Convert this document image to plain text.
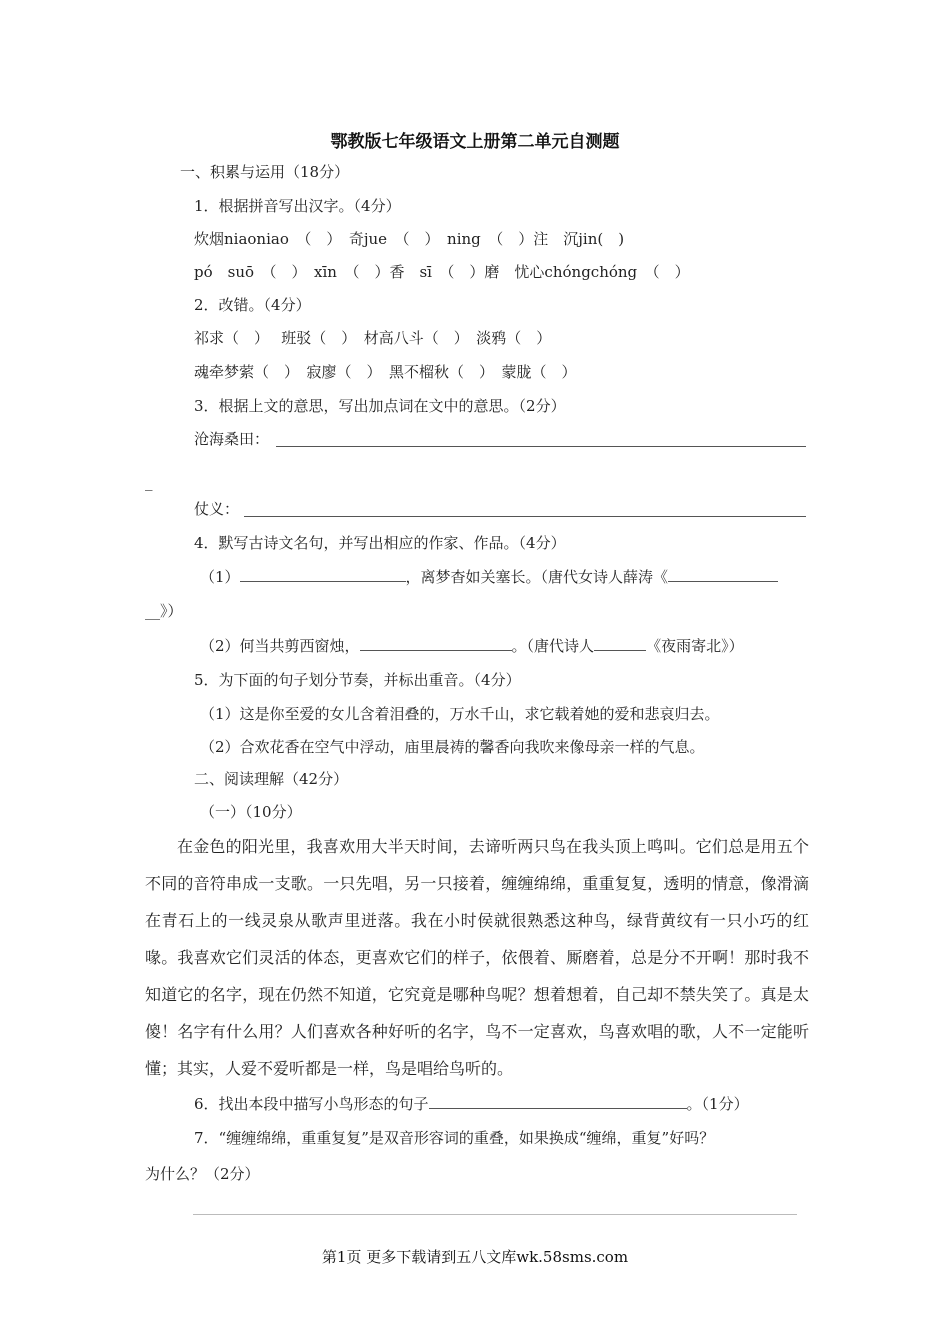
鄂教版七年级语文上册第二单元自测题
一、积累与运用（18分）
1．根据拼音写出汉字。（4分）
炊烟niaoniao　（　）　奇jue　（　）　ning　（　）注　沉jin(　)
pó　suō　（　）　xīn　（　）香　sī　（　）磨　忧心chóngchóng　（　）
2．改错。（4分）
祁求（　）　 班驳（　）　材高八斗（　）　淡鸦（　）
魂牵梦萦（　）　寂廖（　）　黑不榴秋（　）　蒙胧（　）
3．根据上文的意思，写出加点词在文中的意思。（2分）
沧海桑田：
_
仗义：
4．默写古诗文名句，并写出相应的作家、作品。（4分）
（1）	，离梦杳如关塞长。（唐代女诗人薛涛《
__》）
（2）何当共剪西窗烛，	。（唐代诗人	《夜雨寄北》）
5．为下面的句子划分节奏，并标出重音。（4分）
（1）这是你至爱的女儿含着泪叠的，万水千山，求它载着她的爱和悲哀归去。
（2）合欢花香在空气中浮动，庙里晨祷的馨香向我吹来像母亲一样的气息。
二、阅读理解（42分）
（一）（10分）
在金色的阳光里，我喜欢用大半天时间，去谛听两只鸟在我头顶上鸣叫。它们总是用五个不同的音符串成一支歌。一只先唱，另一只接着，缠缠绵绵，重重复复，透明的情意，像滑滴在青石上的一线灵泉从歌声里迸落。我在小时侯就很熟悉这种鸟，绿背黄纹有一只小巧的红喙。我喜欢它们灵活的体态，更喜欢它们的样子，依偎着、厮磨着，总是分不开啊！那时我不知道它的名字，现在仍然不知道，它究竟是哪种鸟呢？想着想着，自己却不禁失笑了。真是太傻！名字有什么用？人们喜欢各种好听的名字，鸟不一定喜欢，鸟喜欢唱的歌，人不一定能听懂；其实，人爱不爱听都是一样，鸟是唱给鸟听的。
6．找出本段中描写小鸟形态的句子	。（1分）
7．“缠缠绵绵，重重复复”是双音形容词的重叠，如果换成“缠绵，重复”好吗？
为什么？（2分）
第1页 更多下载请到五八文库wk.58sms.com
